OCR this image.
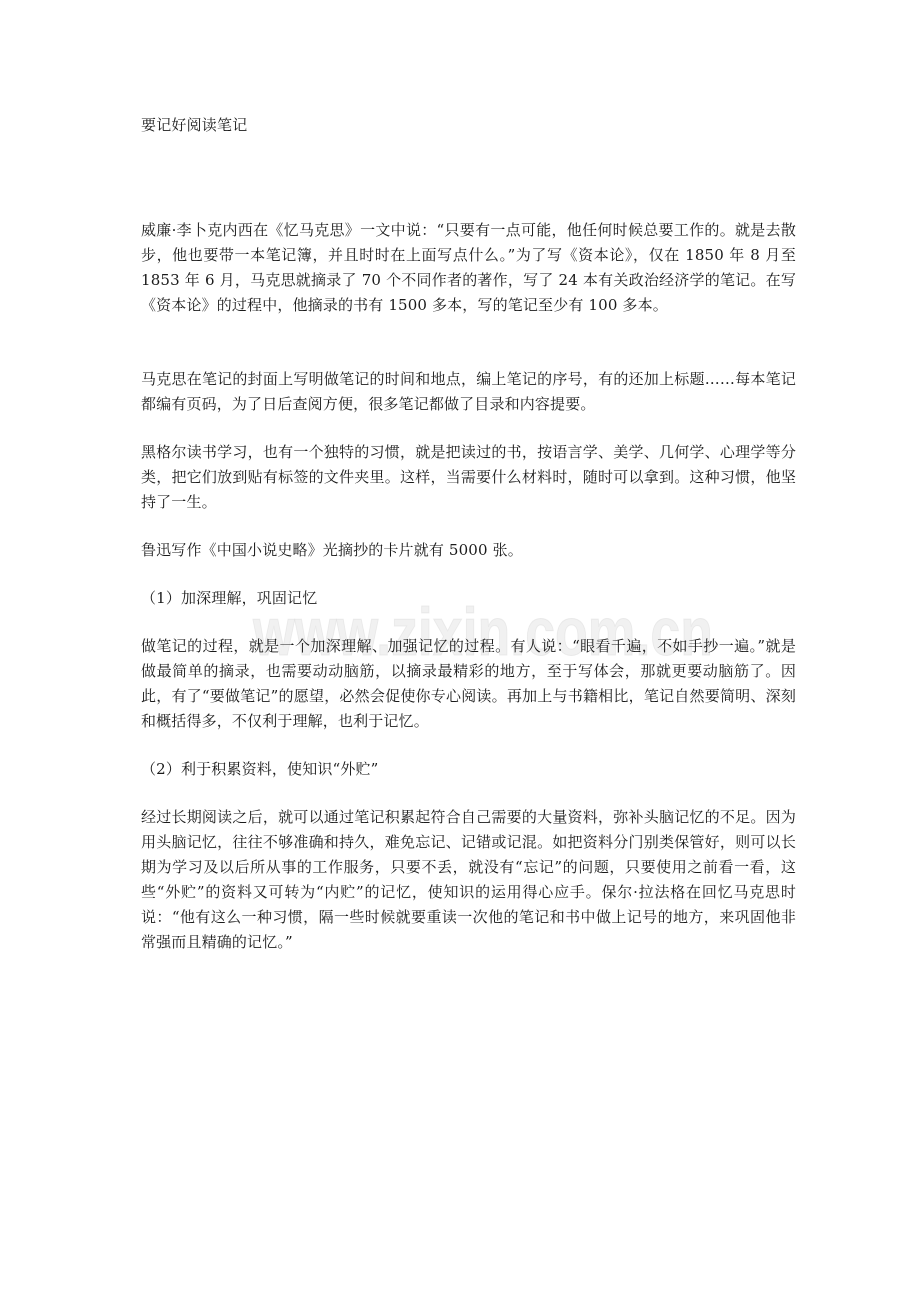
www.zixin.com.cn

要记好阅读笔记

威廉·李卜克内西在《忆马克思》一文中说：“只要有一点可能，他任何时候总要工作的。就是去散步，他也要带一本笔记簿，并且时时在上面写点什么。”为了写《资本论》，仅在 1850 年 8 月至 1853 年 6 月，马克思就摘录了 70 个不同作者的著作，写了 24 本有关政治经济学的笔记。在写《资本论》的过程中，他摘录的书有 1500 多本，写的笔记至少有 100 多本。

马克思在笔记的封面上写明做笔记的时间和地点，编上笔记的序号，有的还加上标题……每本笔记都编有页码，为了日后查阅方便，很多笔记都做了目录和内容提要。

黑格尔读书学习，也有一个独特的习惯，就是把读过的书，按语言学、美学、几何学、心理学等分类，把它们放到贴有标签的文件夹里。这样，当需要什么材料时，随时可以拿到。这种习惯，他坚持了一生。

鲁迅写作《中国小说史略》光摘抄的卡片就有 5000 张。

（1）加深理解，巩固记忆

做笔记的过程，就是一个加深理解、加强记忆的过程。有人说：“眼看千遍，不如手抄一遍。”就是做最简单的摘录，也需要动动脑筋，以摘录最精彩的地方，至于写体会，那就更要动脑筋了。因此，有了“要做笔记”的愿望，必然会促使你专心阅读。再加上与书籍相比，笔记自然要简明、深刻和概括得多，不仅利于理解，也利于记忆。

（2）利于积累资料，使知识“外贮”

经过长期阅读之后，就可以通过笔记积累起符合自己需要的大量资料，弥补头脑记忆的不足。因为用头脑记忆，往往不够准确和持久，难免忘记、记错或记混。如把资料分门别类保管好，则可以长期为学习及以后所从事的工作服务，只要不丢，就没有“忘记”的问题，只要使用之前看一看，这些“外贮”的资料又可转为“内贮”的记忆，使知识的运用得心应手。保尔·拉法格在回忆马克思时说：“他有这么一种习惯，隔一些时候就要重读一次他的笔记和书中做上记号的地方，来巩固他非常强而且精确的记忆。”
